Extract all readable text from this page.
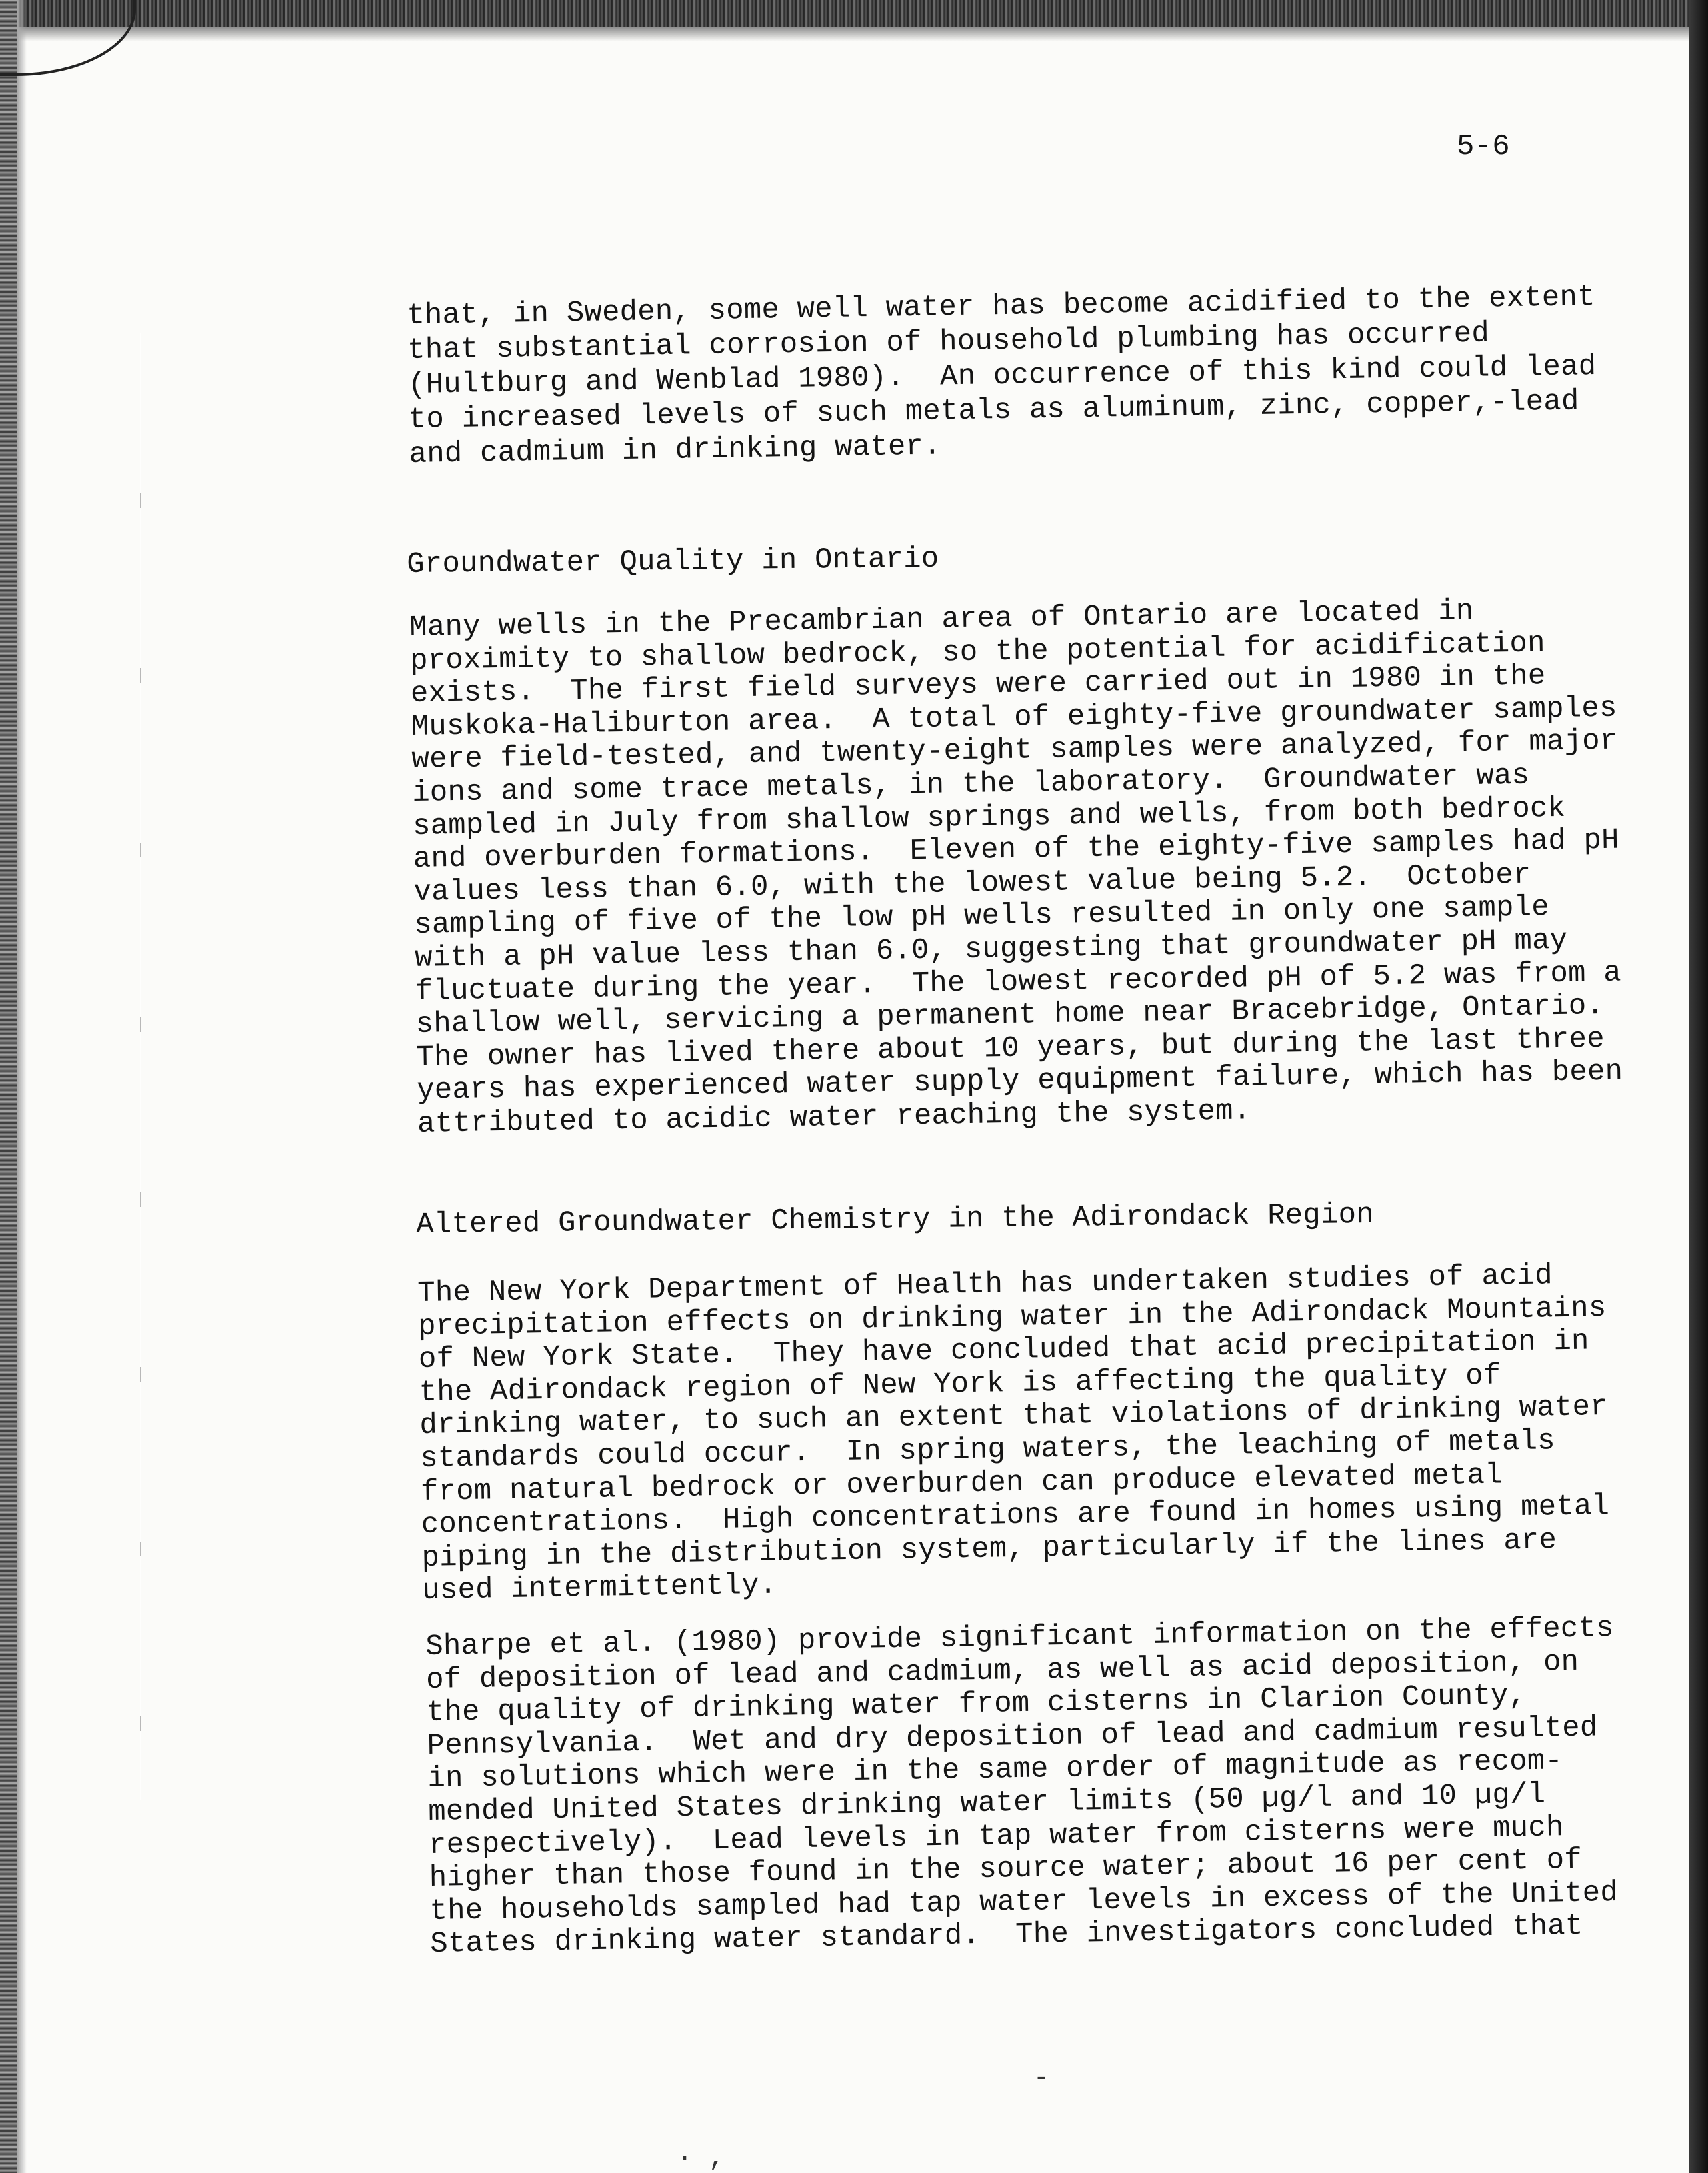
5-6

that, in Sweden, some well water has become acidified to the extent
that substantial corrosion of household plumbing has occurred
(Hultburg and Wenblad 1980).  An occurrence of this kind could lead
to increased levels of such metals as aluminum, zinc, copper,-lead
and cadmium in drinking water.

Groundwater Quality in Ontario

Many wells in the Precambrian area of Ontario are located in
proximity to shallow bedrock, so the potential for acidification
exists.  The first field surveys were carried out in 1980 in the
Muskoka-Haliburton area.  A total of eighty-five groundwater samples
were field-tested, and twenty-eight samples were analyzed, for major
ions and some trace metals, in the laboratory.  Groundwater was
sampled in July from shallow springs and wells, from both bedrock
and overburden formations.  Eleven of the eighty-five samples had pH
values less than 6.0, with the lowest value being 5.2.  October
sampling of five of the low pH wells resulted in only one sample
with a pH value less than 6.0, suggesting that groundwater pH may
fluctuate during the year.  The lowest recorded pH of 5.2 was from a
shallow well, servicing a permanent home near Bracebridge, Ontario.
The owner has lived there about 10 years, but during the last three
years has experienced water supply equipment failure, which has been
attributed to acidic water reaching the system.

Altered Groundwater Chemistry in the Adirondack Region

The New York Department of Health has undertaken studies of acid
precipitation effects on drinking water in the Adirondack Mountains
of New York State.  They have concluded that acid precipitation in
the Adirondack region of New York is affecting the quality of
drinking water, to such an extent that violations of drinking water
standards could occur.  In spring waters, the leaching of metals
from natural bedrock or overburden can produce elevated metal
concentrations.  High concentrations are found in homes using metal
piping in the distribution system, particularly if the lines are
used intermittently.

Sharpe et al. (1980) provide significant information on the effects
of deposition of lead and cadmium, as well as acid deposition, on
the quality of drinking water from cisterns in Clarion County,
Pennsylvania.  Wet and dry deposition of lead and cadmium resulted
in solutions which were in the same order of magnitude as recom-
mended United States drinking water limits (50 µg/l and 10 µg/l
respectively).  Lead levels in tap water from cisterns were much
higher than those found in the source water; about 16 per cent of
the households sampled had tap water levels in excess of the United
States drinking water standard.  The investigators concluded that

· ,
-
